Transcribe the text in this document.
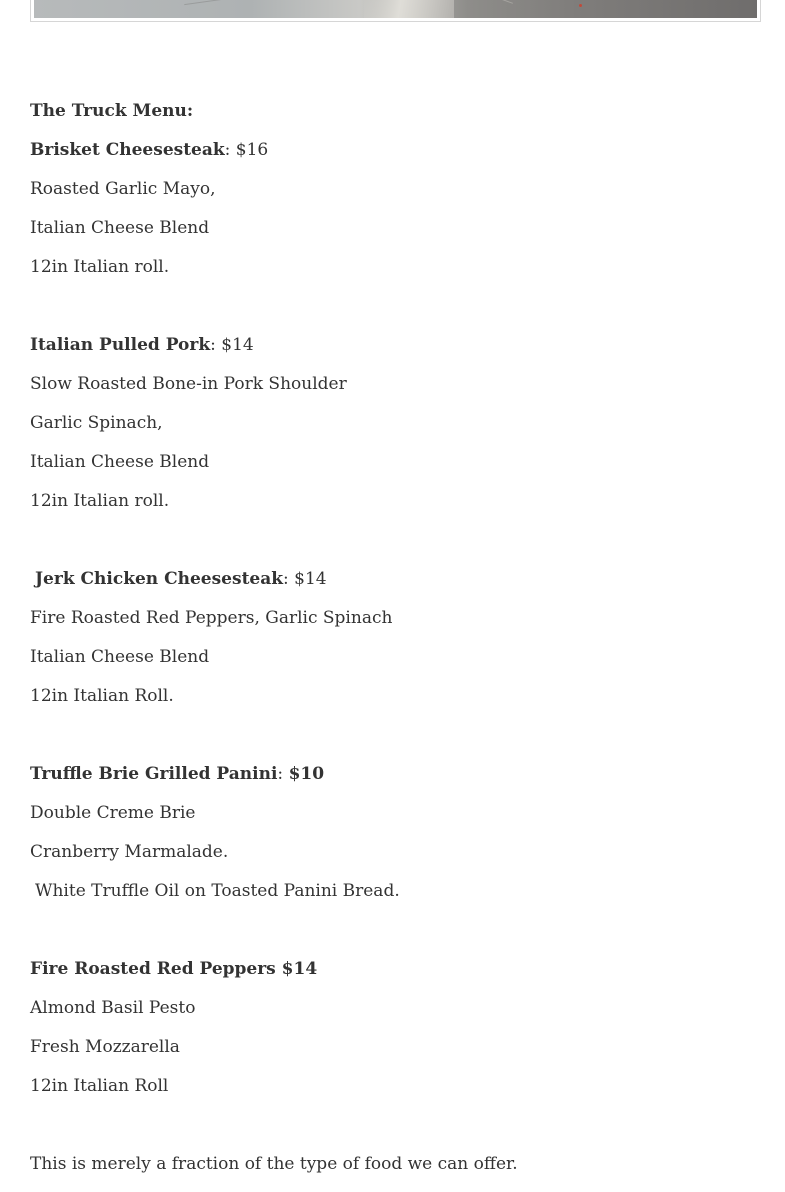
The Truck Menu:
Brisket Cheesesteak: $16
Roasted Garlic Mayo,
Italian Cheese Blend
12in Italian roll.
Italian Pulled Pork: $14
Slow Roasted Bone-in Pork Shoulder
Garlic Spinach,
Italian Cheese Blend
12in Italian roll.
Jerk Chicken Cheesesteak: $14
Fire Roasted Red Peppers, Garlic Spinach
Italian Cheese Blend
12in Italian Roll.
Truffle Brie Grilled Panini: $10
Double Creme Brie
Cranberry Marmalade.
White Truffle Oil on Toasted Panini Bread.
Fire Roasted Red Peppers $14
Almond Basil Pesto
Fresh Mozzarella
12in Italian Roll
This is merely a fraction of the type of food we can offer.
